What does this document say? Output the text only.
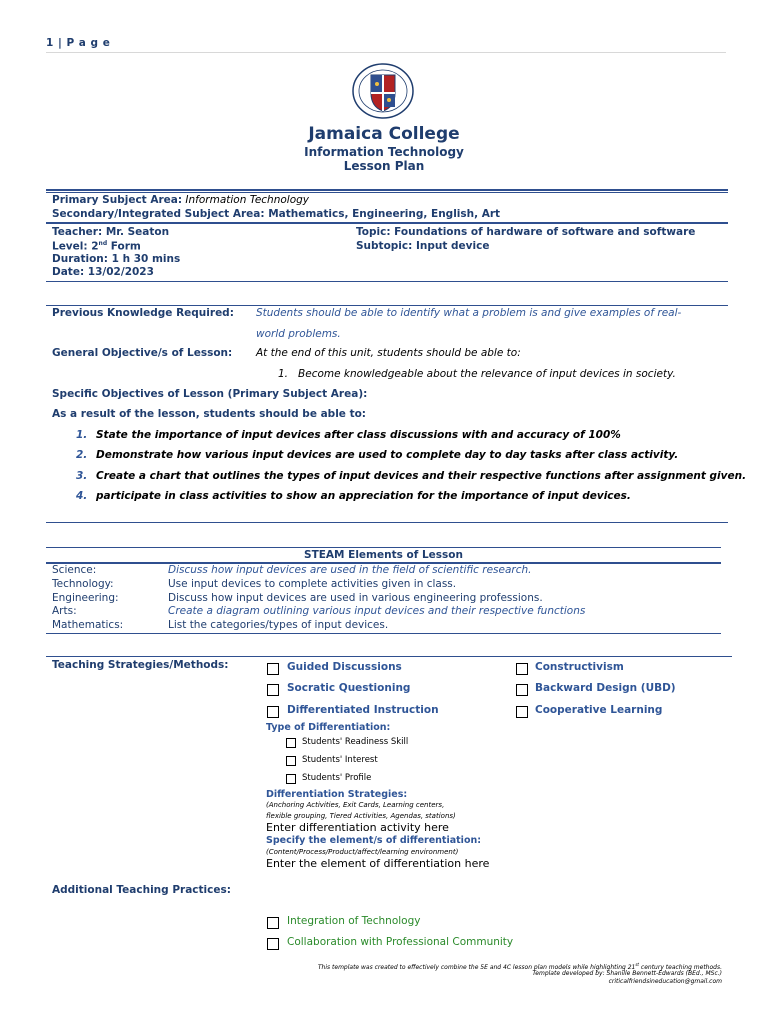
1 | P a g e
Jamaica College
Information Technology
Lesson Plan
Primary Subject Area: Information Technology
Secondary/Integrated Subject Area: Mathematics, Engineering, English, Art
Teacher: Mr. Seaton
Level: 2nd Form
Duration: 1 h 30 mins
Date: 13/02/2023
Topic: Foundations of hardware of software and software
Subtopic: Input device
Previous Knowledge Required: Students should be able to identify what a problem is and give examples of real-
world problems.
General Objective/s of Lesson: At the end of this unit, students should be able to:
1. Become knowledgeable about the relevance of input devices in society.
Specific Objectives of Lesson (Primary Subject Area):
As a result of the lesson, students should be able to:
1. State the importance of input devices after class discussions with and accuracy of 100%
2. Demonstrate how various input devices are used to complete day to day tasks after class activity.
3. Create a chart that outlines the types of input devices and their respective functions after assignment given.
4. participate in class activities to show an appreciation for the importance of input devices.
STEAM Elements of Lesson
Science:	Discuss how input devices are used in the field of scientific research.
Technology:	Use input devices to complete activities given in class.
Engineering:	Discuss how input devices are used in various engineering professions.
Arts:	Create a diagram outlining various input devices and their respective functions
Mathematics:	List the categories/types of input devices.
Teaching Strategies/Methods:	Guided Discussions
Socratic Questioning
Differentiated Instruction
Constructivism
Backward Design (UBD)
Cooperative Learning
Type of Differentiation:
Students' Readiness Skill
Students' Interest
Students' Profile
Differentiation Strategies:
(Anchoring Activities, Exit Cards, Learning centers,
flexible grouping, Tiered Activities, Agendas, stations)
Enter differentiation activity here
Specify the element/s of differentiation:
(Content/Process/Product/affect/learning environment)
Enter the element of differentiation here
Additional Teaching Practices:
Integration of Technology
Collaboration with Professional Community
This template was created to effectively combine the 5E and 4C lesson plan models while highlighting 21st century teaching methods.
Template developed by: Shanille Bennett-Edwards (BEd., MSc.)
criticalfriendsineducation@gmail.com
